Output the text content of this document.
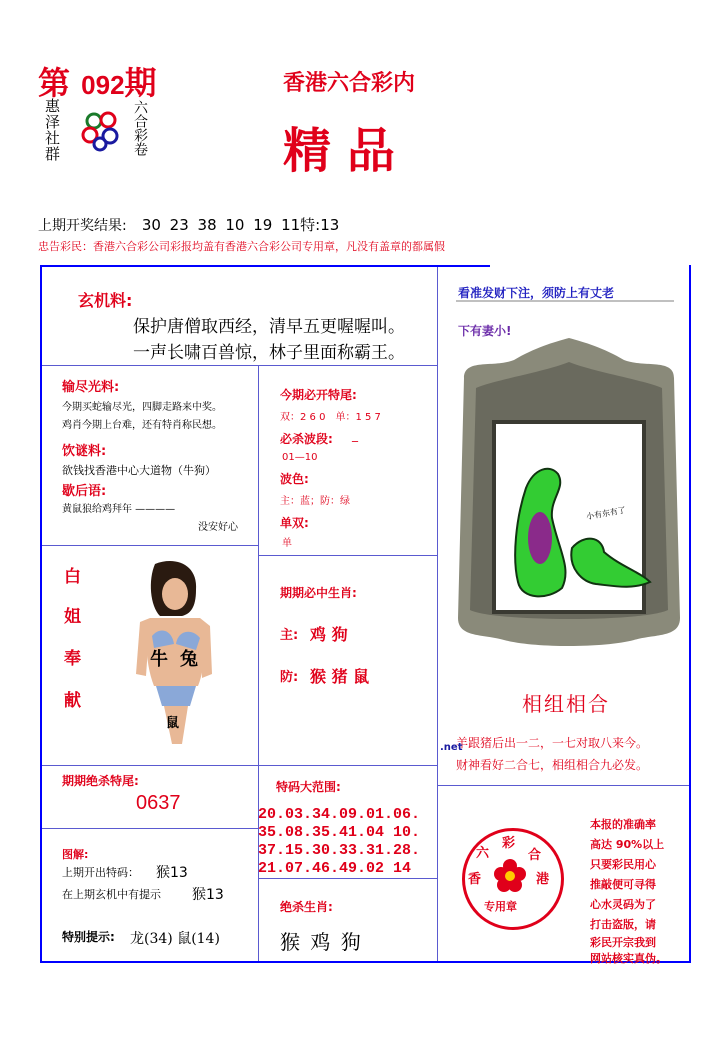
第 092期
惠泽社群	六合彩卷
香港六合彩内
精品
上期开奖结果: 30 23 38 10 19 11特:13
忠告彩民：香港六合彩公司彩报均盖有香港六合彩公司专用章，凡没有盖章的都属假
玄机料:
保护唐僧取西经，清早五更喔喔叫。
一声长啸百兽惊，林子里面称霸王。
输尽光料:
今期买蛇输尽光，四脚走路来中奖。
鸡肖今期上台难，还有特肖称民想。
饮谜料:
欲钱找香港中心大道物（牛狗）
歇后语:
黄鼠狼给鸡拜年 ————
没安好心
今期必开特尾:
双：2 6 0　单：1 5 7
必杀波段: _
01—10
波色:
主：蓝；防：绿
单双:
单
白
姐
奉
献
牛 兔
鼠
期期必中生肖:
主: 鸡 狗
防: 猴 猪 鼠
期期绝杀特尾:
0637
特码大范围:
20.03.34.09.01.06.
35.08.35.41.04 10.
37.15.30.33.31.28.
21.07.46.49.02 14
图解:
上期开出特码： 猴13
在上期玄机中有提示 猴13
特别提示: 龙(34) 鼠(14)
绝杀生肖:
猴 鸡 狗
看准发财下注，须防上有丈老
下有妻小!
小有东有了
相组相合
羊跟猪后出一二，一七对取八来今。
财神看好二合七，相组相合九必发。
.net
六
彩
合
香	港
专用章
本报的准确率
高达 90%以上
只要彩民用心
推敲便可寻得
心水灵码为了
打击盗版，请
彩民开宗我到
网站核实真伪。
